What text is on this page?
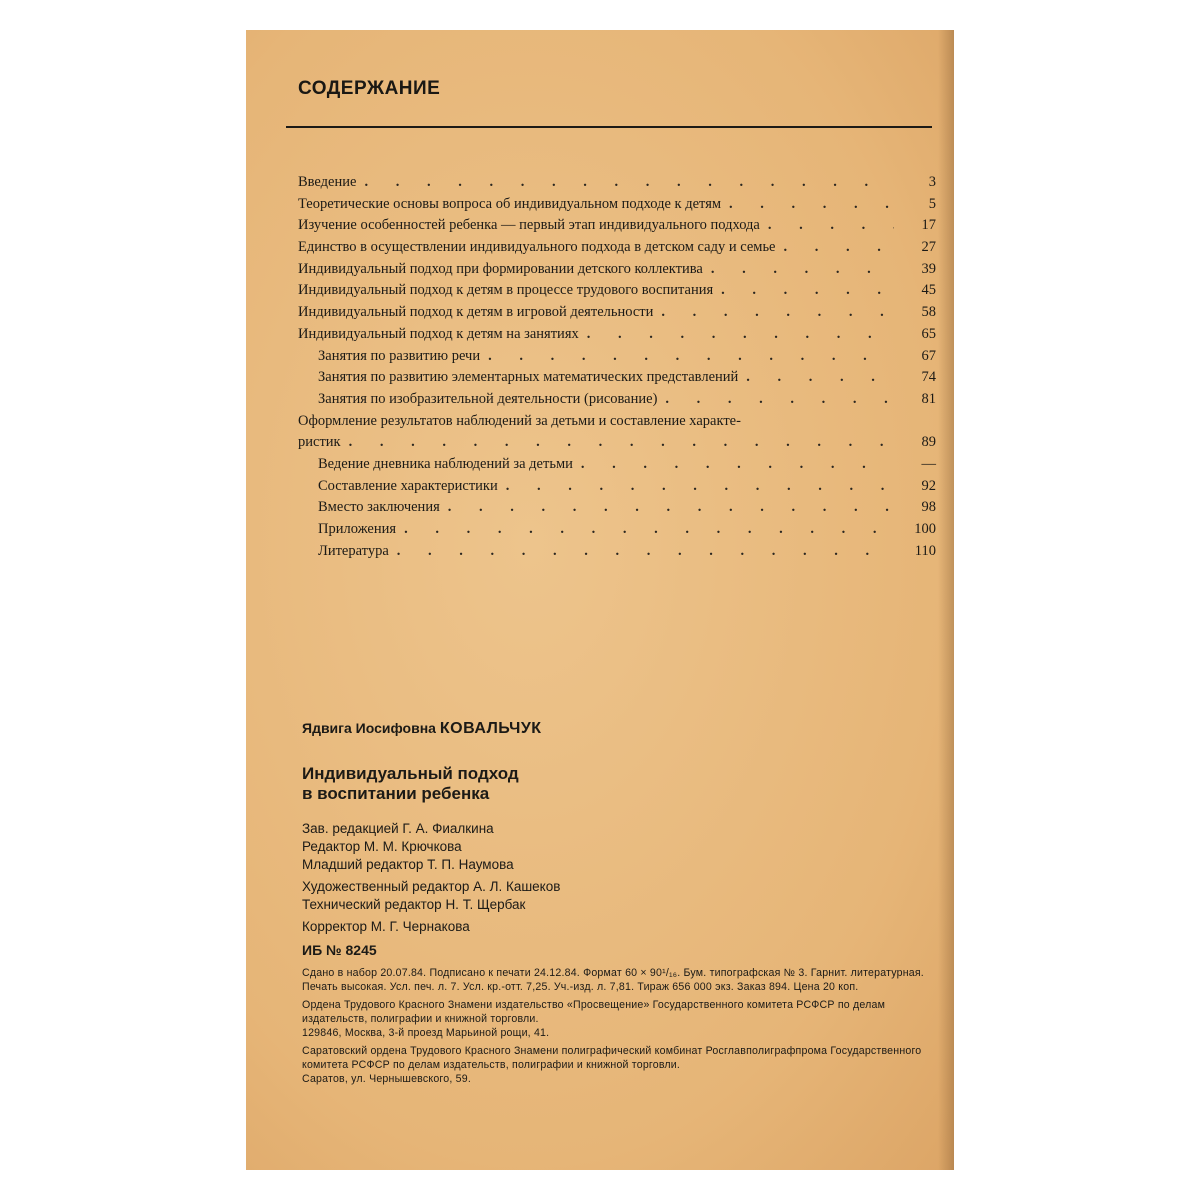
СОДЕРЖАНИЕ
Введение . . .	3
Теоретические основы вопроса об индивидуальном подходе к детям . . .	5
Изучение особенностей ребенка — первый этап индивидуального подхода . . .	17
Единство в осуществлении индивидуального подхода в детском саду и семье . . .	27
Индивидуальный подход при формировании детского коллектива . . .	39
Индивидуальный подход к детям в процессе трудового воспитания . . .	45
Индивидуальный подход к детям в игровой деятельности . . .	58
Индивидуальный подход к детям на занятиях . . .	65
Занятия по развитию речи . . .	67
Занятия по развитию элементарных математических представлений . . .	74
Занятия по изобразительной деятельности (рисование) . . .	81
Оформление результатов наблюдений за детьми и составление характе-
ристик . . .	89
Ведение дневника наблюдений за детьми . . .	—
Составление характеристики . . .	92
Вместо заключения . . .	98
Приложения . . .	100
Литература . . .	110

Ядвига Иосифовна КОВАЛЬЧУК

Индивидуальный подход
в воспитании ребенка

Зав. редакцией Г. А. Фиалкина
Редактор М. М. Крючкова
Младший редактор Т. П. Наумова
Художественный редактор А. Л. Кашеков
Технический редактор Н. Т. Щербак
Корректор М. Г. Чернакова

ИБ № 8245

Сдано в набор 20.07.84. Подписано к печати 24.12.84. Формат 60 × 90¹/₁₆. Бум. типографская № 3. Гарнит. литературная. Печать высокая. Усл. печ. л. 7. Усл. кр.-отт. 7,25. Уч.-изд. л. 7,81. Тираж 656 000 экз. Заказ 894. Цена 20 коп.

Ордена Трудового Красного Знамени издательство «Просвещение» Государственного комитета РСФСР по делам издательств, полиграфии и книжной торговли.
129846, Москва, 3-й проезд Марьиной рощи, 41.

Саратовский ордена Трудового Красного Знамени полиграфический комбинат Росглавполиграфпрома Государственного комитета РСФСР по делам издательств, полиграфии и книжной торговли.
Саратов, ул. Чернышевского, 59.
